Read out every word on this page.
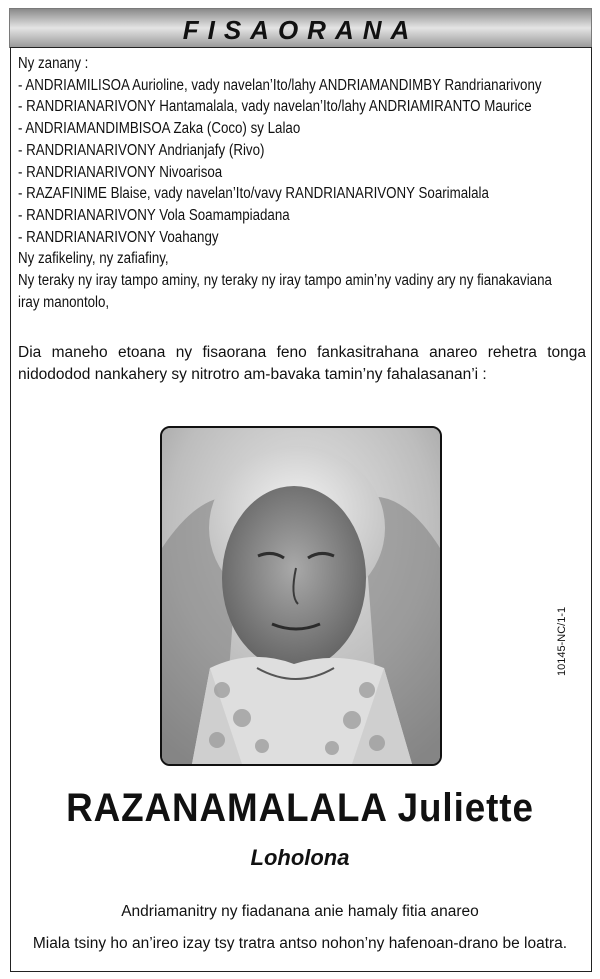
FISAORANA
Ny zanany :
- ANDRIAMILISOA Aurioline, vady navelan’Ito/lahy ANDRIAMANDIMBY Randrianarivony
- RANDRIANARIVONY Hantamalala, vady navelan’Ito/lahy ANDRIAMIRANTO Maurice
- ANDRIAMANDIMBISOA Zaka (Coco) sy Lalao
- RANDRIANARIVONY Andrianjafy (Rivo)
- RANDRIANARIVONY Nivoarisoa
- RAZAFINIME Blaise, vady navelan’Ito/vavy RANDRIANARIVONY Soarimalala
- RANDRIANARIVONY Vola Soamampiadana
- RANDRIANARIVONY Voahangy
Ny zafikeliny, ny zafiafiny,
Ny teraky ny iray tampo aminy, ny teraky ny iray tampo amin’ny vadiny ary ny fianakaviana
iray manontolo,
Dia maneho etoana ny fisaorana feno fankasitrahana anareo rehetra tonga nidododod nankahery sy nitrotro am-bavaka tamin’ny fahalasanan’i :
10145-NC/1-1
RAZANAMALALA Juliette
Loholona
Andriamanitry ny fiadanana anie hamaly fitia anareo
Miala tsiny ho an’ireo izay tsy tratra antso nohon’ny hafenoan-drano be loatra.
